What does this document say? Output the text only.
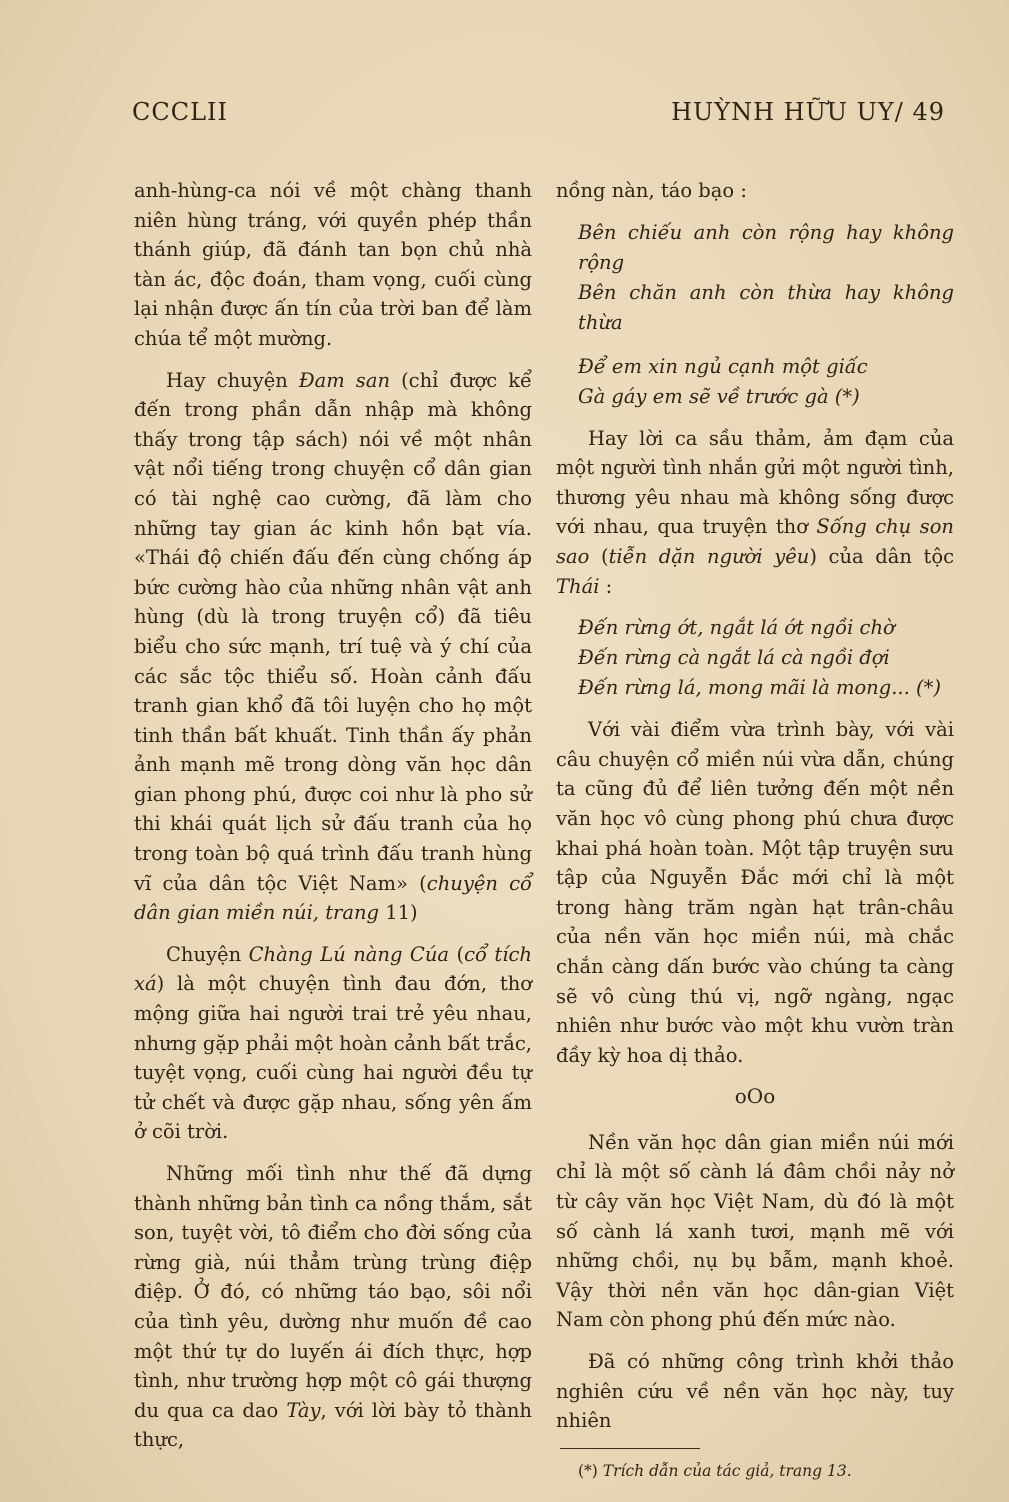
CCCLII	HUỲNH HỮU UY/ 49

anh-hùng-ca nói về một chàng thanh niên hùng tráng, với quyền phép thần thánh giúp, đã đánh tan bọn chủ nhà tàn ác, độc đoán, tham vọng, cuối cùng lại nhận được ấn tín của trời ban để làm chúa tể một mường.

Hay chuyện Đam san (chỉ được kể đến trong phần dẫn nhập mà không thấy trong tập sách) nói về một nhân vật nổi tiếng trong chuyện cổ dân gian có tài nghệ cao cường, đã làm cho những tay gian ác kinh hồn bạt vía. «Thái độ chiến đấu đến cùng chống áp bức cường hào của những nhân vật anh hùng (dù là trong truyện cổ) đã tiêu biểu cho sức mạnh, trí tuệ và ý chí của các sắc tộc thiểu số. Hoàn cảnh đấu tranh gian khổ đã tôi luyện cho họ một tinh thần bất khuất. Tinh thần ấy phản ảnh mạnh mẽ trong dòng văn học dân gian phong phú, được coi như là pho sử thi khái quát lịch sử đấu tranh của họ trong toàn bộ quá trình đấu tranh hùng vĩ của dân tộc Việt Nam» (chuyện cổ dân gian miền núi, trang 11)

Chuyện Chàng Lú nàng Cúa (cổ tích xá) là một chuyện tình đau đớn, thơ mộng giữa hai người trai trẻ yêu nhau, nhưng gặp phải một hoàn cảnh bất trắc, tuyệt vọng, cuối cùng hai người đều tự tử chết và được gặp nhau, sống yên ấm ở cõi trời.

Những mối tình như thế đã dựng thành những bản tình ca nồng thắm, sắt son, tuyệt vời, tô điểm cho đời sống của rừng già, núi thẳm trùng trùng điệp điệp. Ở đó, có những táo bạo, sôi nổi của tình yêu, dường như muốn đề cao một thứ tự do luyến ái đích thực, hợp tình, như trường hợp một cô gái thượng du qua ca dao Tày, với lời bày tỏ thành thực,

nồng nàn, táo bạo :

Bên chiếu anh còn rộng hay không rộng
Bên chăn anh còn thừa hay không thừa
Để em xin ngủ cạnh một giấc
Gà gáy em sẽ về trước gà (*)

Hay lời ca sầu thảm, ảm đạm của một người tình nhắn gửi một người tình, thương yêu nhau mà không sống được với nhau, qua truyện thơ Sống chụ son sao (tiễn dặn người yêu) của dân tộc Thái :

Đến rừng ớt, ngắt lá ớt ngồi chờ
Đến rừng cà ngắt lá cà ngồi đợi
Đến rừng lá, mong mãi là mong... (*)

Với vài điểm vừa trình bày, với vài câu chuyện cổ miền núi vừa dẫn, chúng ta cũng đủ để liên tưởng đến một nền văn học vô cùng phong phú chưa được khai phá hoàn toàn. Một tập truyện sưu tập của Nguyễn Đắc mới chỉ là một trong hàng trăm ngàn hạt trân-châu của nền văn học miền núi, mà chắc chắn càng dấn bước vào chúng ta càng sẽ vô cùng thú vị, ngỡ ngàng, ngạc nhiên như bước vào một khu vườn tràn đầy kỳ hoa dị thảo.

oOo

Nền văn học dân gian miền núi mới chỉ là một số cành lá đâm chồi nảy nở từ cây văn học Việt Nam, dù đó là một số cành lá xanh tươi, mạnh mẽ với những chồi, nụ bụ bẫm, mạnh khoẻ. Vậy thời nền văn học dân-gian Việt Nam còn phong phú đến mức nào.

Đã có những công trình khởi thảo nghiên cứu về nền văn học này, tuy nhiên

(*) Trích dẫn của tác giả, trang 13.
